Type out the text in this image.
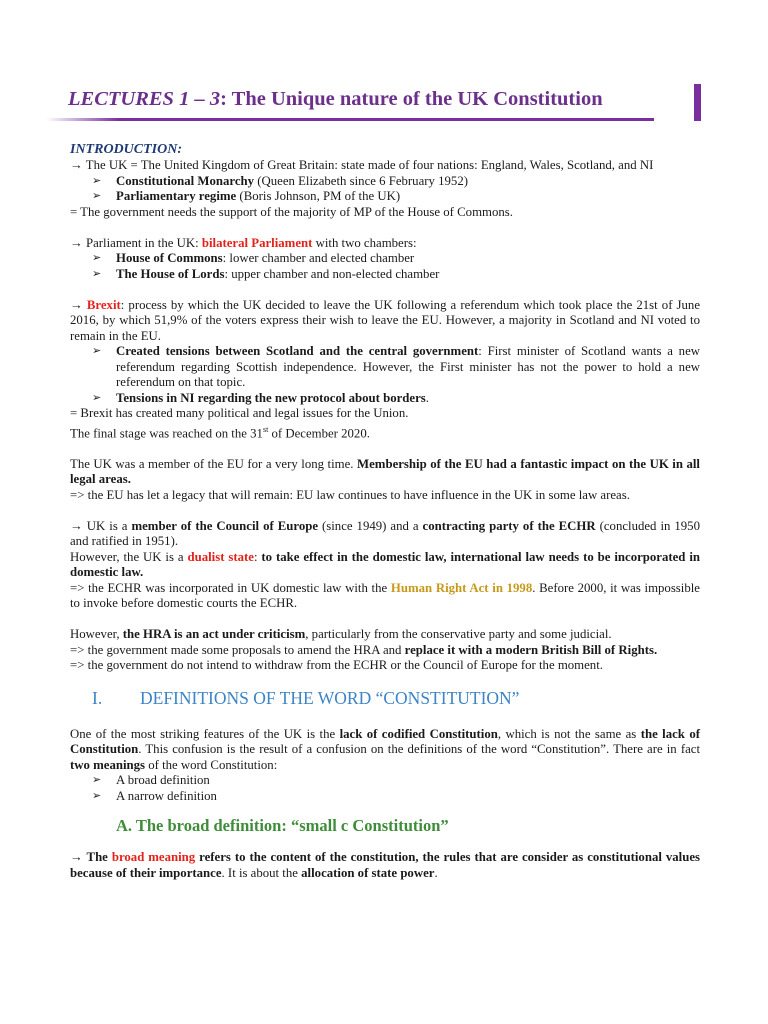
LECTURES 1 – 3: The Unique nature of the UK Constitution

INTRODUCTION:

→ The UK = The United Kingdom of Great Britain: state made of four nations: England, Wales, Scotland, and NI

➢ Constitutional Monarchy (Queen Elizabeth since 6 February 1952)

➢ Parliamentary regime (Boris Johnson, PM of the UK)

= The government needs the support of the majority of MP of the House of Commons.

→ Parliament in the UK: bilateral Parliament with two chambers:

➢ House of Commons: lower chamber and elected chamber

➢ The House of Lords: upper chamber and non-elected chamber

→ Brexit: process by which the UK decided to leave the UK following a referendum which took place the 21st of June 2016, by which 51,9% of the voters express their wish to leave the EU. However, a majority in Scotland and NI voted to remain in the EU.

➢ Created tensions between Scotland and the central government: First minister of Scotland wants a new referendum regarding Scottish independence. However, the First minister has not the power to hold a new referendum on that topic.

➢ Tensions in NI regarding the new protocol about borders.

= Brexit has created many political and legal issues for the Union.

The final stage was reached on the 31st of December 2020.

The UK was a member of the EU for a very long time. Membership of the EU had a fantastic impact on the UK in all legal areas.

=> the EU has let a legacy that will remain: EU law continues to have influence in the UK in some law areas.

→ UK is a member of the Council of Europe (since 1949) and a contracting party of the ECHR (concluded in 1950 and ratified in 1951).

However, the UK is a dualist state: to take effect in the domestic law, international law needs to be incorporated in domestic law.

=> the ECHR was incorporated in UK domestic law with the Human Right Act in 1998. Before 2000, it was impossible to invoke before domestic courts the ECHR.

However, the HRA is an act under criticism, particularly from the conservative party and some judicial.

=> the government made some proposals to amend the HRA and replace it with a modern British Bill of Rights.

=> the government do not intend to withdraw from the ECHR or the Council of Europe for the moment.

I. DEFINITIONS OF THE WORD “CONSTITUTION”

One of the most striking features of the UK is the lack of codified Constitution, which is not the same as the lack of Constitution. This confusion is the result of a confusion on the definitions of the word “Constitution”. There are in fact two meanings of the word Constitution:

➢ A broad definition

➢ A narrow definition

A. The broad definition: “small c Constitution”

→ The broad meaning refers to the content of the constitution, the rules that are consider as constitutional values because of their importance. It is about the allocation of state power.
